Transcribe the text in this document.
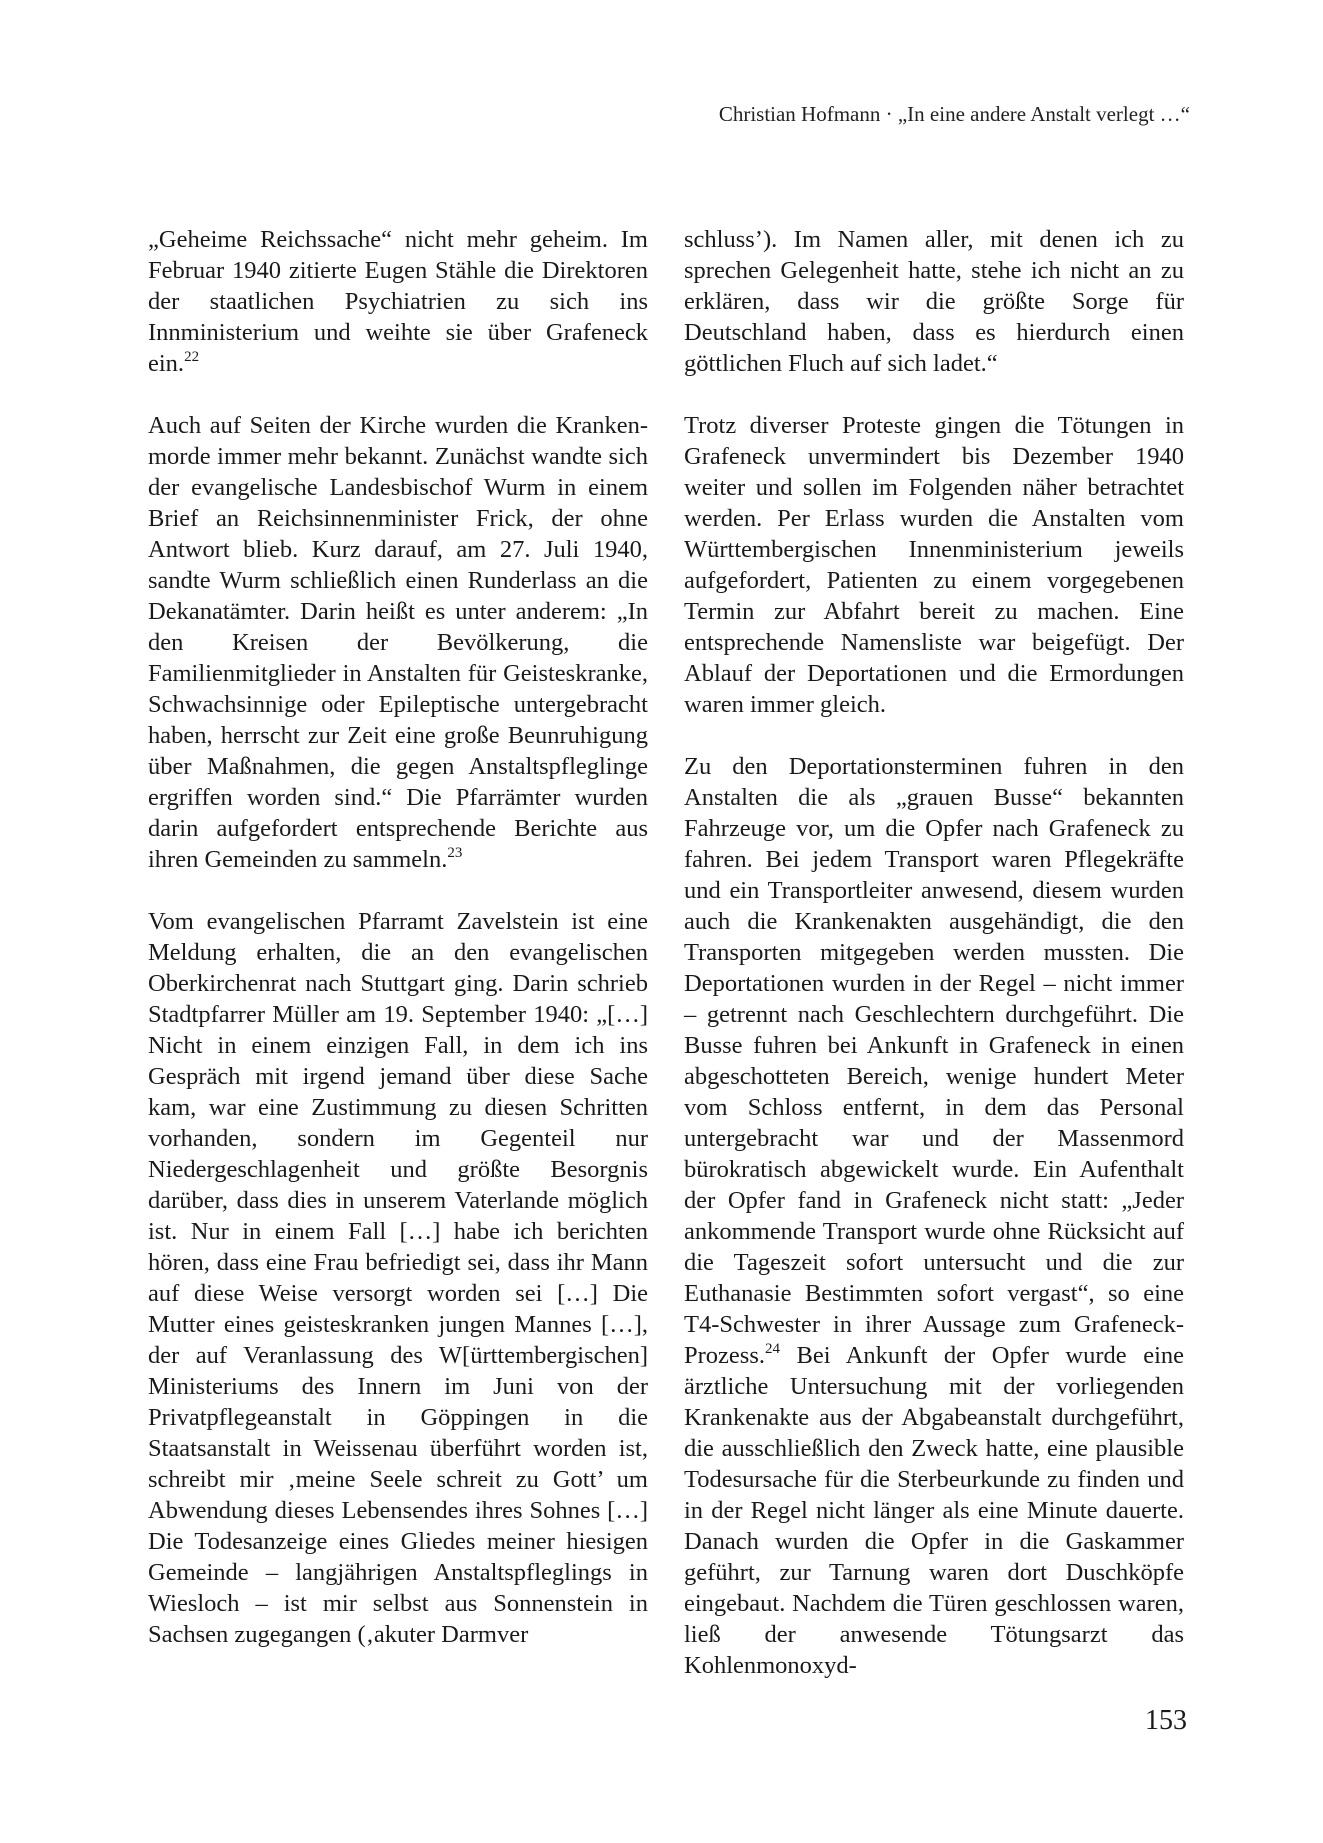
Christian Hofmann · „In eine andere Anstalt verlegt …“

„Geheime Reichssache“ nicht mehr geheim. Im Februar 1940 zitierte Eugen Stähle die Direktoren der staatlichen Psychiatrien zu sich ins Innministerium und weihte sie über Grafeneck ein.$^{22}$

Auch auf Seiten der Kirche wurden die Krankenmorde immer mehr bekannt. Zunächst wandte sich der evangelische Landesbischof Wurm in einem Brief an Reichsinnenminister Frick, der ohne Antwort blieb. Kurz darauf, am 27. Juli 1940, sandte Wurm schließlich einen Runderlass an die Dekanatämter. Darin heißt es unter anderem: „In den Kreisen der Bevölkerung, die Familienmitglieder in Anstalten für Geisteskranke, Schwachsinnige oder Epileptische untergebracht haben, herrscht zur Zeit eine große Beunruhigung über Maßnahmen, die gegen Anstaltspfleglinge ergriffen worden sind.“ Die Pfarrämter wurden darin aufgefordert entsprechende Berichte aus ihren Gemeinden zu sammeln.$^{23}$

Vom evangelischen Pfarramt Zavelstein ist eine Meldung erhalten, die an den evangelischen Oberkirchenrat nach Stuttgart ging. Darin schrieb Stadtpfarrer Müller am 19. September 1940: „[…] Nicht in einem einzigen Fall, in dem ich ins Gespräch mit irgend jemand über diese Sache kam, war eine Zustimmung zu diesen Schritten vorhanden, sondern im Gegenteil nur Niedergeschlagenheit und größte Besorgnis darüber, dass dies in unserem Vaterlande möglich ist. Nur in einem Fall […] habe ich berichten hören, dass eine Frau befriedigt sei, dass ihr Mann auf diese Weise versorgt worden sei […] Die Mutter eines geisteskranken jungen Mannes […], der auf Veranlassung des W[ürttembergischen] Ministeriums des Innern im Juni von der Privatpflegeanstalt in Göppingen in die Staatsanstalt in Weissenau überführt worden ist, schreibt mir ‚meine Seele schreit zu Gott’ um Abwendung dieses Lebensendes ihres Sohnes […] Die Todesanzeige eines Gliedes meiner hiesigen Gemeinde – langjährigen Anstaltspfleglings in Wiesloch – ist mir selbst aus Sonnenstein in Sachsen zugegangen (‚akuter Darmver

schluss’). Im Namen aller, mit denen ich zu sprechen Gelegenheit hatte, stehe ich nicht an zu erklären, dass wir die größte Sorge für Deutschland haben, dass es hierdurch einen göttlichen Fluch auf sich ladet.“

Trotz diverser Proteste gingen die Tötungen in Grafeneck unvermindert bis Dezember 1940 weiter und sollen im Folgenden näher betrachtet werden. Per Erlass wurden die Anstalten vom Württembergischen Innenministerium jeweils aufgefordert, Patienten zu einem vorgegebenen Termin zur Abfahrt bereit zu machen. Eine entsprechende Namensliste war beigefügt. Der Ablauf der Deportationen und die Ermordungen waren immer gleich.

Zu den Deportationsterminen fuhren in den Anstalten die als „grauen Busse“ bekannten Fahrzeuge vor, um die Opfer nach Grafeneck zu fahren. Bei jedem Transport waren Pflegekräfte und ein Transportleiter anwesend, diesem wurden auch die Krankenakten ausgehändigt, die den Transporten mitgegeben werden mussten. Die Deportationen wurden in der Regel – nicht immer – getrennt nach Geschlechtern durchgeführt. Die Busse fuhren bei Ankunft in Grafeneck in einen abgeschotteten Bereich, wenige hundert Meter vom Schloss entfernt, in dem das Personal untergebracht war und der Massenmord bürokratisch abgewickelt wurde. Ein Aufenthalt der Opfer fand in Grafeneck nicht statt: „Jeder ankommende Transport wurde ohne Rücksicht auf die Tageszeit sofort untersucht und die zur Euthanasie Bestimmten sofort vergast“, so eine T4-Schwester in ihrer Aussage zum Grafeneck-Prozess.$^{24}$ Bei Ankunft der Opfer wurde eine ärztliche Untersuchung mit der vorliegenden Krankenakte aus der Abgabeanstalt durchgeführt, die ausschließlich den Zweck hatte, eine plausible Todesursache für die Sterbeurkunde zu finden und in der Regel nicht länger als eine Minute dauerte. Danach wurden die Opfer in die Gaskammer geführt, zur Tarnung waren dort Duschköpfe eingebaut. Nachdem die Türen geschlossen waren, ließ der anwesende Tötungsarzt das Kohlenmonoxyd-

153
